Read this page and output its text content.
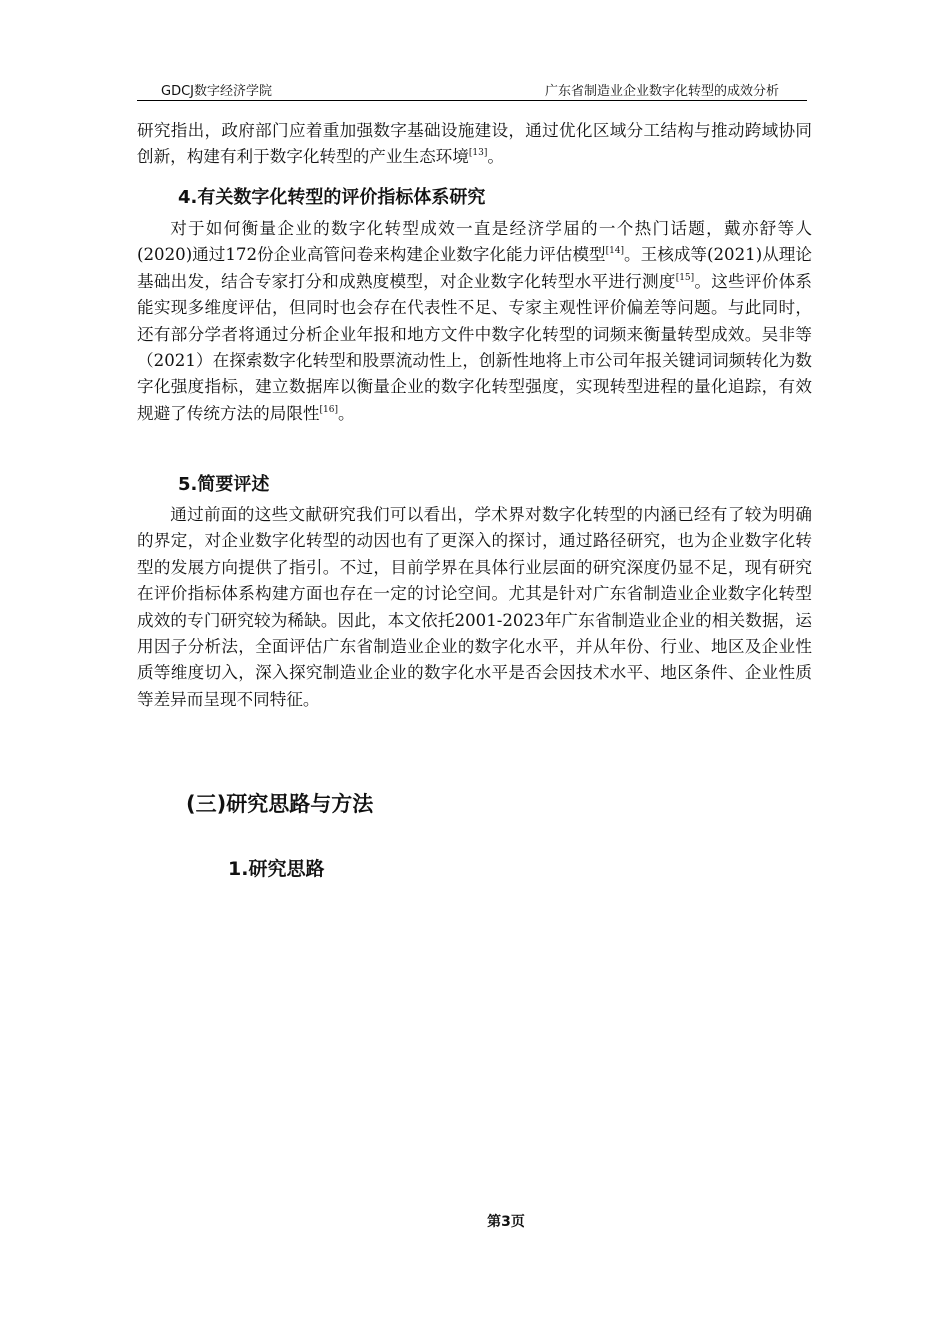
GDCJ数字经济学院	广东省制造业企业数字化转型的成效分析

研究指出，政府部门应着重加强数字基础设施建设，通过优化区域分工结构与推动跨域协同创新，构建有利于数字化转型的产业生态环境[13]。

4.有关数字化转型的评价指标体系研究

对于如何衡量企业的数字化转型成效一直是经济学届的一个热门话题，戴亦舒等人(2020)通过172份企业高管问卷来构建企业数字化能力评估模型[14]。王核成等(2021)从理论基础出发，结合专家打分和成熟度模型，对企业数字化转型水平进行测度[15]。这些评价体系能实现多维度评估，但同时也会存在代表性不足、专家主观性评价偏差等问题。与此同时，还有部分学者将通过分析企业年报和地方文件中数字化转型的词频来衡量转型成效。吴非等（2021）在探索数字化转型和股票流动性上，创新性地将上市公司年报关键词词频转化为数字化强度指标，建立数据库以衡量企业的数字化转型强度，实现转型进程的量化追踪，有效规避了传统方法的局限性[16]。

5.简要评述

通过前面的这些文献研究我们可以看出，学术界对数字化转型的内涵已经有了较为明确的界定，对企业数字化转型的动因也有了更深入的探讨，通过路径研究，也为企业数字化转型的发展方向提供了指引。不过，目前学界在具体行业层面的研究深度仍显不足，现有研究在评价指标体系构建方面也存在一定的讨论空间。尤其是针对广东省制造业企业数字化转型成效的专门研究较为稀缺。因此，本文依托2001-2023年广东省制造业企业的相关数据，运用因子分析法，全面评估广东省制造业企业的数字化水平，并从年份、行业、地区及企业性质等维度切入，深入探究制造业企业的数字化水平是否会因技术水平、地区条件、企业性质等差异而呈现不同特征。

(三)研究思路与方法
1.研究思路
第3页
